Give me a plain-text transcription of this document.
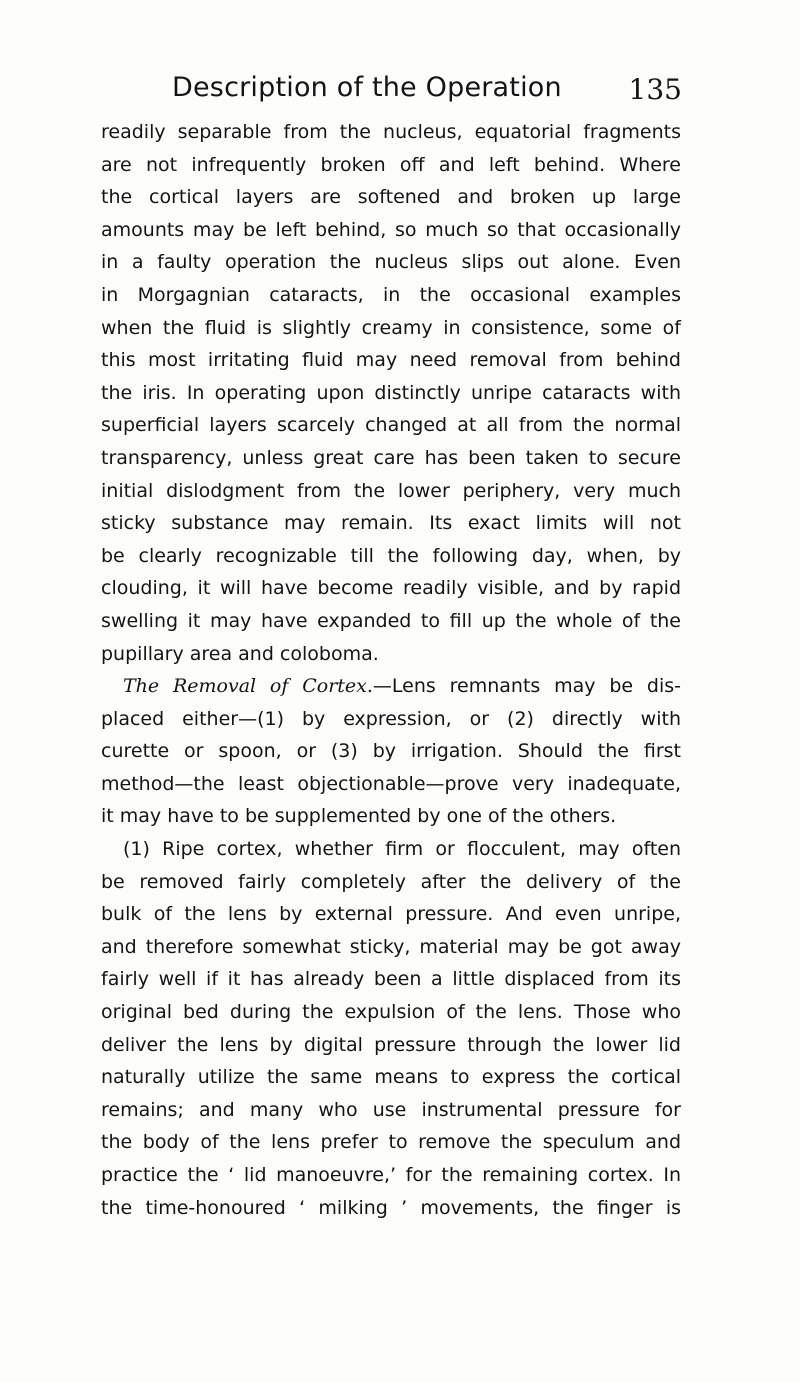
Description of the Operation 135
readily separable from the nucleus, equatorial fragments
are not infrequently broken off and left behind. Where
the cortical layers are softened and broken up large
amounts may be left behind, so much so that occasionally
in a faulty operation the nucleus slips out alone. Even
in Morgagnian cataracts, in the occasional examples
when the fluid is slightly creamy in consistence, some of
this most irritating fluid may need removal from behind
the iris. In operating upon distinctly unripe cataracts with
superficial layers scarcely changed at all from the normal
transparency, unless great care has been taken to secure
initial dislodgment from the lower periphery, very much
sticky substance may remain. Its exact limits will not
be clearly recognizable till the following day, when, by
clouding, it will have become readily visible, and by rapid
swelling it may have expanded to fill up the whole of the
pupillary area and coloboma.
The Removal of Cortex.—Lens remnants may be dis-
placed either—(1) by expression, or (2) directly with
curette or spoon, or (3) by irrigation. Should the first
method—the least objectionable—prove very inadequate,
it may have to be supplemented by one of the others.
(1) Ripe cortex, whether firm or flocculent, may often
be removed fairly completely after the delivery of the
bulk of the lens by external pressure. And even unripe,
and therefore somewhat sticky, material may be got away
fairly well if it has already been a little displaced from its
original bed during the expulsion of the lens. Those who
deliver the lens by digital pressure through the lower lid
naturally utilize the same means to express the cortical
remains; and many who use instrumental pressure for
the body of the lens prefer to remove the speculum and
practice the ‘ lid manoeuvre,’ for the remaining cortex. In
the time-honoured ‘ milking ’ movements, the finger is
